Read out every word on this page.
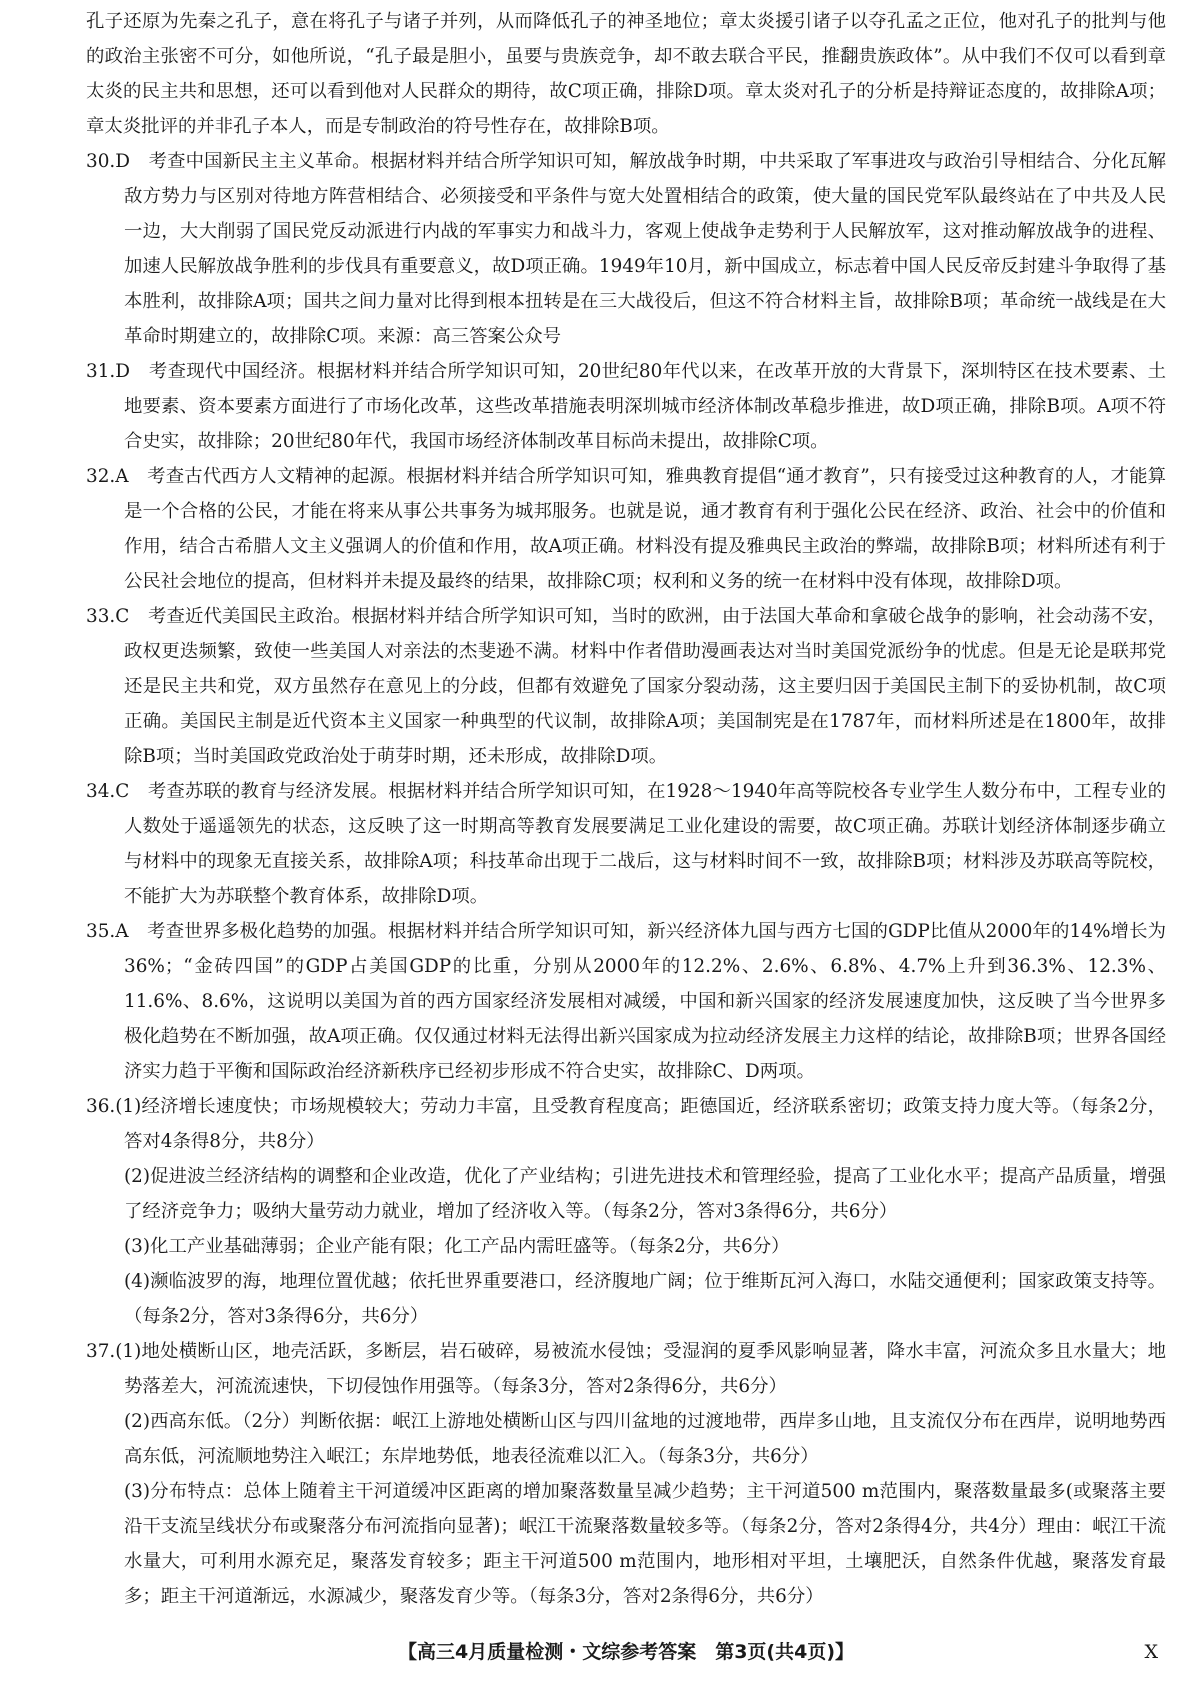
孔子还原为先秦之孔子，意在将孔子与诸子并列，从而降低孔子的神圣地位；章太炎援引诸子以夺孔孟之正位，他对孔子的批判与他的政治主张密不可分，如他所说，“孔子最是胆小，虽要与贵族竞争，却不敢去联合平民，推翻贵族政体”。从中我们不仅可以看到章太炎的民主共和思想，还可以看到他对人民群众的期待，故C项正确，排除D项。章太炎对孔子的分析是持辩证态度的，故排除A项；章太炎批评的并非孔子本人，而是专制政治的符号性存在，故排除B项。

30.D　考查中国新民主主义革命。根据材料并结合所学知识可知，解放战争时期，中共采取了军事进攻与政治引导相结合、分化瓦解敌方势力与区别对待地方阵营相结合、必须接受和平条件与宽大处置相结合的政策，使大量的国民党军队最终站在了中共及人民一边，大大削弱了国民党反动派进行内战的军事实力和战斗力，客观上使战争走势利于人民解放军，这对推动解放战争的进程、加速人民解放战争胜利的步伐具有重要意义，故D项正确。1949年10月，新中国成立，标志着中国人民反帝反封建斗争取得了基本胜利，故排除A项；国共之间力量对比得到根本扭转是在三大战役后，但这不符合材料主旨，故排除B项；革命统一战线是在大革命时期建立的，故排除C项。来源：高三答案公众号

31.D　考查现代中国经济。根据材料并结合所学知识可知，20世纪80年代以来，在改革开放的大背景下，深圳特区在技术要素、土地要素、资本要素方面进行了市场化改革，这些改革措施表明深圳城市经济体制改革稳步推进，故D项正确，排除B项。A项不符合史实，故排除；20世纪80年代，我国市场经济体制改革目标尚未提出，故排除C项。

32.A　考查古代西方人文精神的起源。根据材料并结合所学知识可知，雅典教育提倡“通才教育”，只有接受过这种教育的人，才能算是一个合格的公民，才能在将来从事公共事务为城邦服务。也就是说，通才教育有利于强化公民在经济、政治、社会中的价值和作用，结合古希腊人文主义强调人的价值和作用，故A项正确。材料没有提及雅典民主政治的弊端，故排除B项；材料所述有利于公民社会地位的提高，但材料并未提及最终的结果，故排除C项；权利和义务的统一在材料中没有体现，故排除D项。

33.C　考查近代美国民主政治。根据材料并结合所学知识可知，当时的欧洲，由于法国大革命和拿破仑战争的影响，社会动荡不安，政权更迭频繁，致使一些美国人对亲法的杰斐逊不满。材料中作者借助漫画表达对当时美国党派纷争的忧虑。但是无论是联邦党还是民主共和党，双方虽然存在意见上的分歧，但都有效避免了国家分裂动荡，这主要归因于美国民主制下的妥协机制，故C项正确。美国民主制是近代资本主义国家一种典型的代议制，故排除A项；美国制宪是在1787年，而材料所述是在1800年，故排除B项；当时美国政党政治处于萌芽时期，还未形成，故排除D项。

34.C　考查苏联的教育与经济发展。根据材料并结合所学知识可知，在1928～1940年高等院校各专业学生人数分布中，工程专业的人数处于遥遥领先的状态，这反映了这一时期高等教育发展要满足工业化建设的需要，故C项正确。苏联计划经济体制逐步确立与材料中的现象无直接关系，故排除A项；科技革命出现于二战后，这与材料时间不一致，故排除B项；材料涉及苏联高等院校，不能扩大为苏联整个教育体系，故排除D项。

35.A　考查世界多极化趋势的加强。根据材料并结合所学知识可知，新兴经济体九国与西方七国的GDP比值从2000年的14%增长为36%；“金砖四国”的GDP占美国GDP的比重，分别从2000年的12.2%、2.6%、6.8%、4.7%上升到36.3%、12.3%、11.6%、8.6%，这说明以美国为首的西方国家经济发展相对减缓，中国和新兴国家的经济发展速度加快，这反映了当今世界多极化趋势在不断加强，故A项正确。仅仅通过材料无法得出新兴国家成为拉动经济发展主力这样的结论，故排除B项；世界各国经济实力趋于平衡和国际政治经济新秩序已经初步形成不符合史实，故排除C、D两项。

36.(1)经济增长速度快；市场规模较大；劳动力丰富，且受教育程度高；距德国近，经济联系密切；政策支持力度大等。（每条2分，答对4条得8分，共8分）

(2)促进波兰经济结构的调整和企业改造，优化了产业结构；引进先进技术和管理经验，提高了工业化水平；提高产品质量，增强了经济竞争力；吸纳大量劳动力就业，增加了经济收入等。（每条2分，答对3条得6分，共6分）

(3)化工产业基础薄弱；企业产能有限；化工产品内需旺盛等。（每条2分，共6分）

(4)濒临波罗的海，地理位置优越；依托世界重要港口，经济腹地广阔；位于维斯瓦河入海口，水陆交通便利；国家政策支持等。（每条2分，答对3条得6分，共6分）

37.(1)地处横断山区，地壳活跃，多断层，岩石破碎，易被流水侵蚀；受湿润的夏季风影响显著，降水丰富，河流众多且水量大；地势落差大，河流流速快，下切侵蚀作用强等。（每条3分，答对2条得6分，共6分）

(2)西高东低。（2分）判断依据：岷江上游地处横断山区与四川盆地的过渡地带，西岸多山地，且支流仅分布在西岸，说明地势西高东低，河流顺地势注入岷江；东岸地势低，地表径流难以汇入。（每条3分，共6分）

(3)分布特点：总体上随着主干河道缓冲区距离的增加聚落数量呈减少趋势；主干河道500 m范围内，聚落数量最多(或聚落主要沿干支流呈线状分布或聚落分布河流指向显著)；岷江干流聚落数量较多等。（每条2分，答对2条得4分，共4分）理由：岷江干流水量大，可利用水源充足，聚落发育较多；距主干河道500 m范围内，地形相对平坦，土壤肥沃，自然条件优越，聚落发育最多；距主干河道渐远，水源减少，聚落发育少等。（每条3分，答对2条得6分，共6分）

【高三4月质量检测・文综参考答案　第3页(共4页)】	X
